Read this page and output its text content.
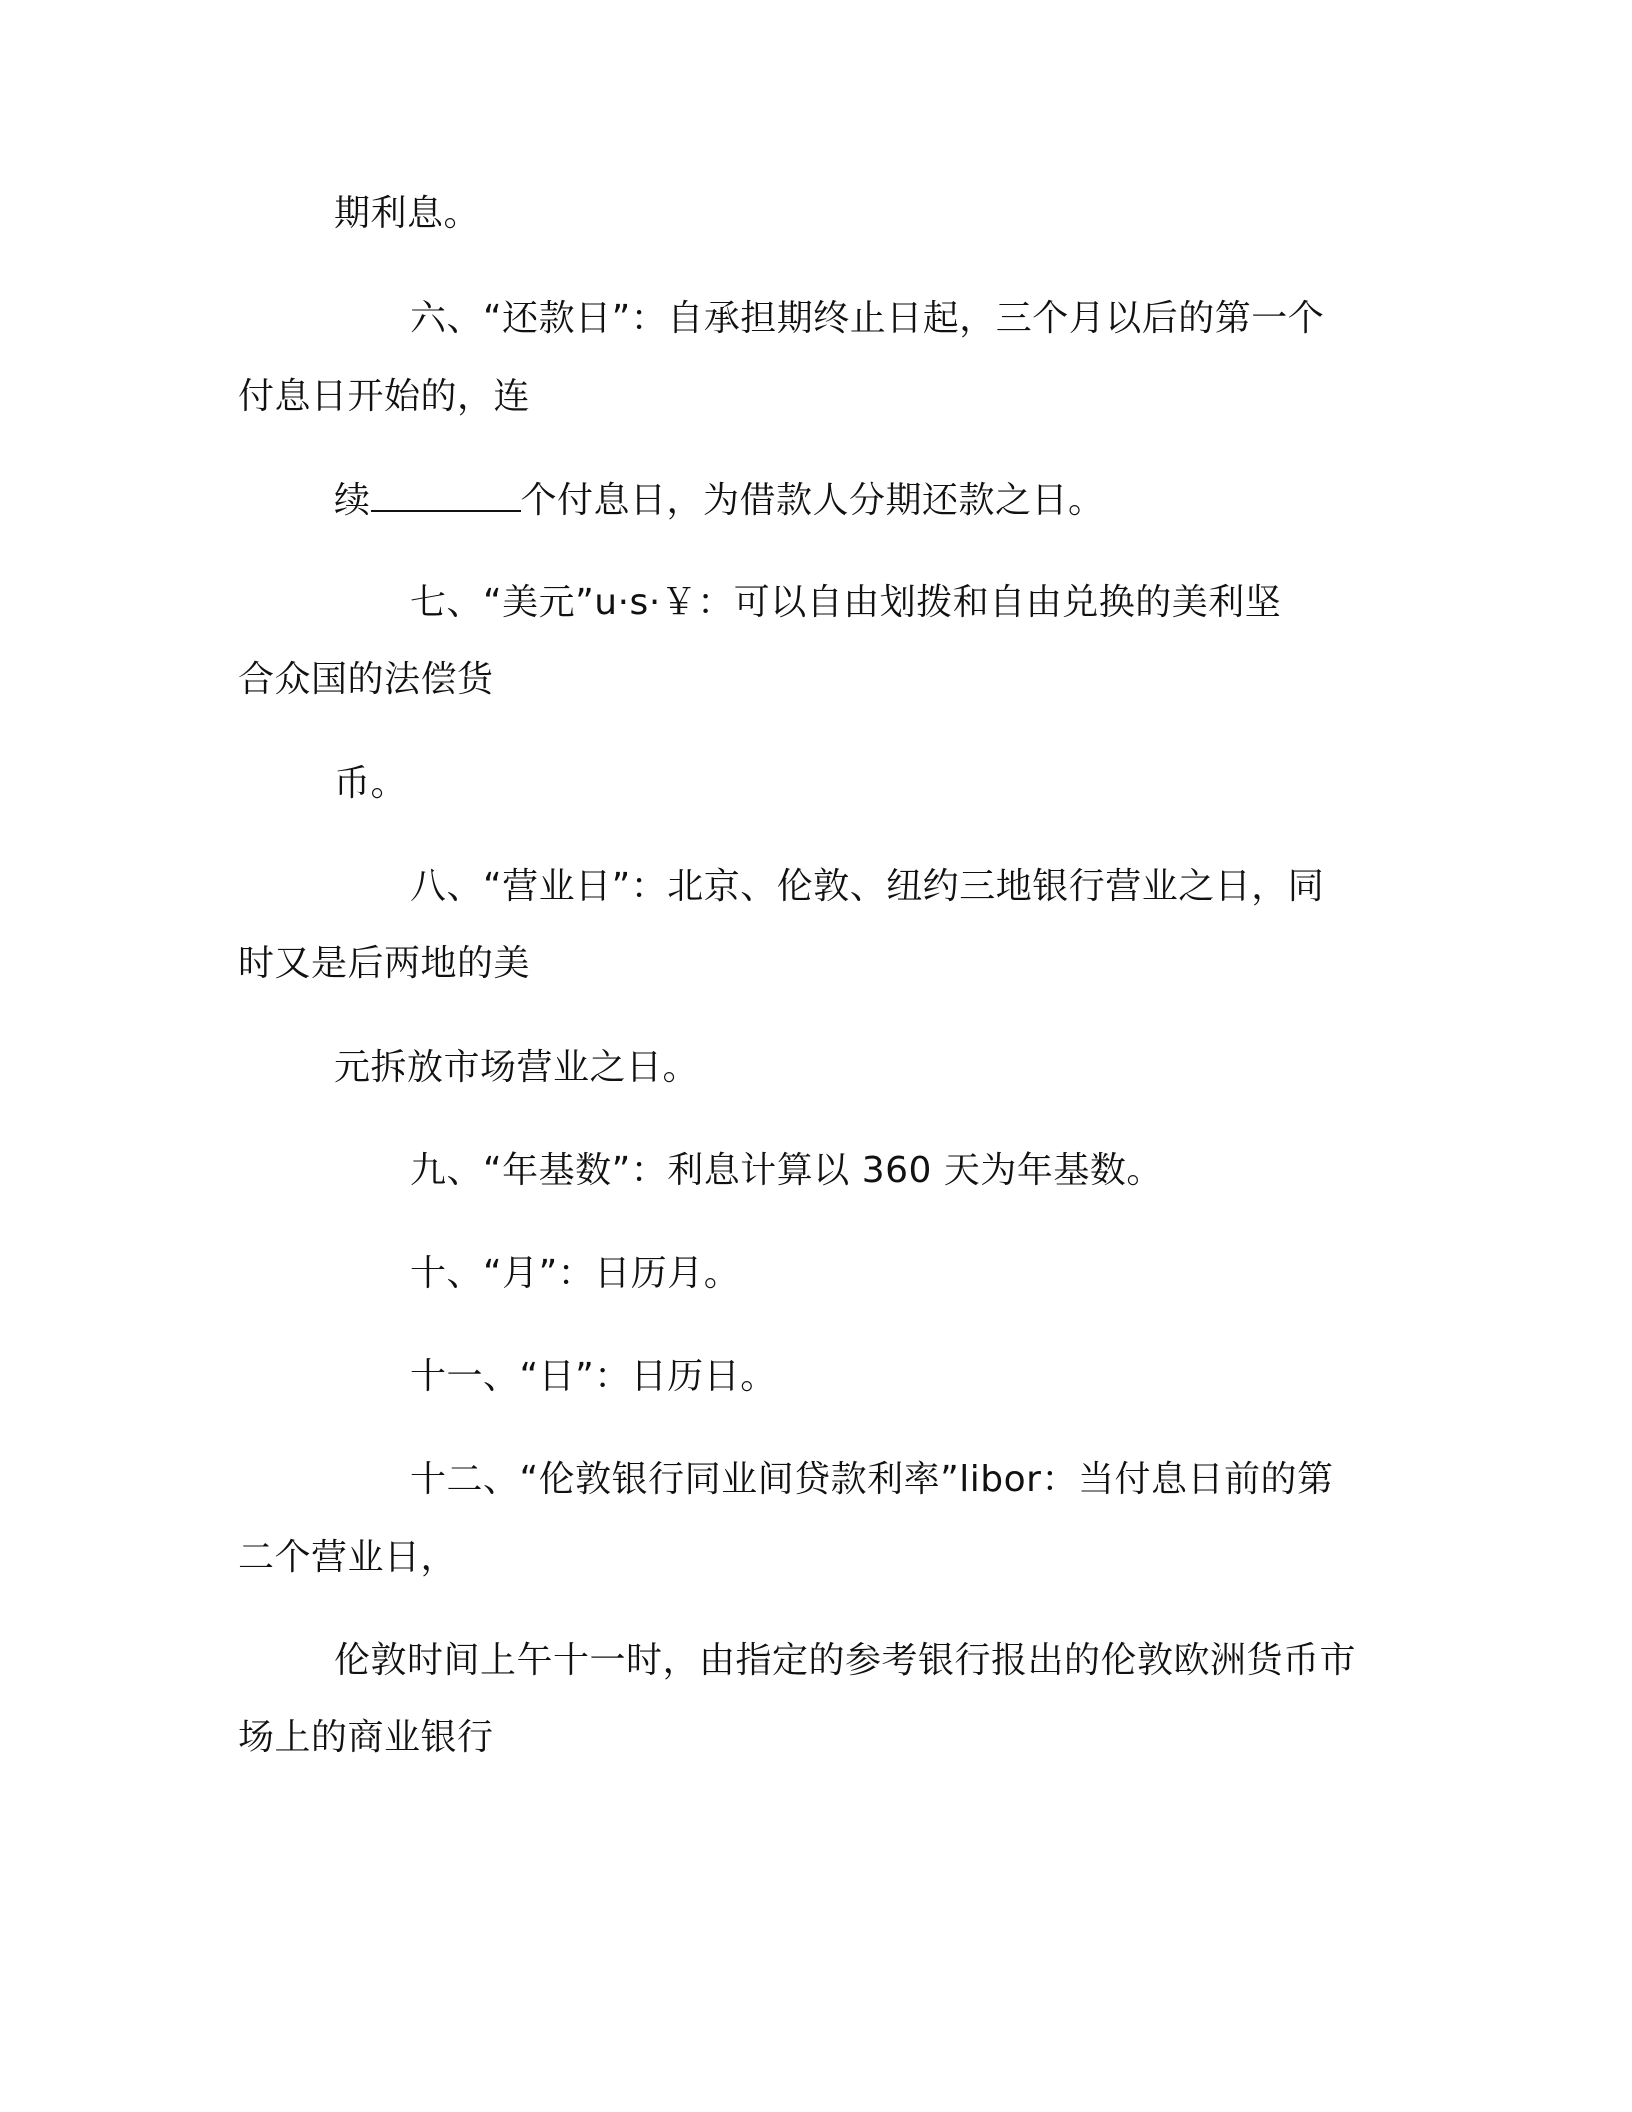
期利息。
六、“还款日”：自承担期终止日起，三个月以后的第一个
付息日开始的，连
续	个付息日，为借款人分期还款之日。
七、“美元”u·s·￥：可以自由划拨和自由兑换的美利坚
合众国的法偿货
币。
八、“营业日”：北京、伦敦、纽约三地银行营业之日，同
时又是后两地的美
元拆放市场营业之日。
九、“年基数”：利息计算以 360 天为年基数。
十、“月”：日历月。
十一、“日”：日历日。
十二、“伦敦银行同业间贷款利率”libor：当付息日前的第
二个营业日，
伦敦时间上午十一时，由指定的参考银行报出的伦敦欧洲货币市
场上的商业银行
